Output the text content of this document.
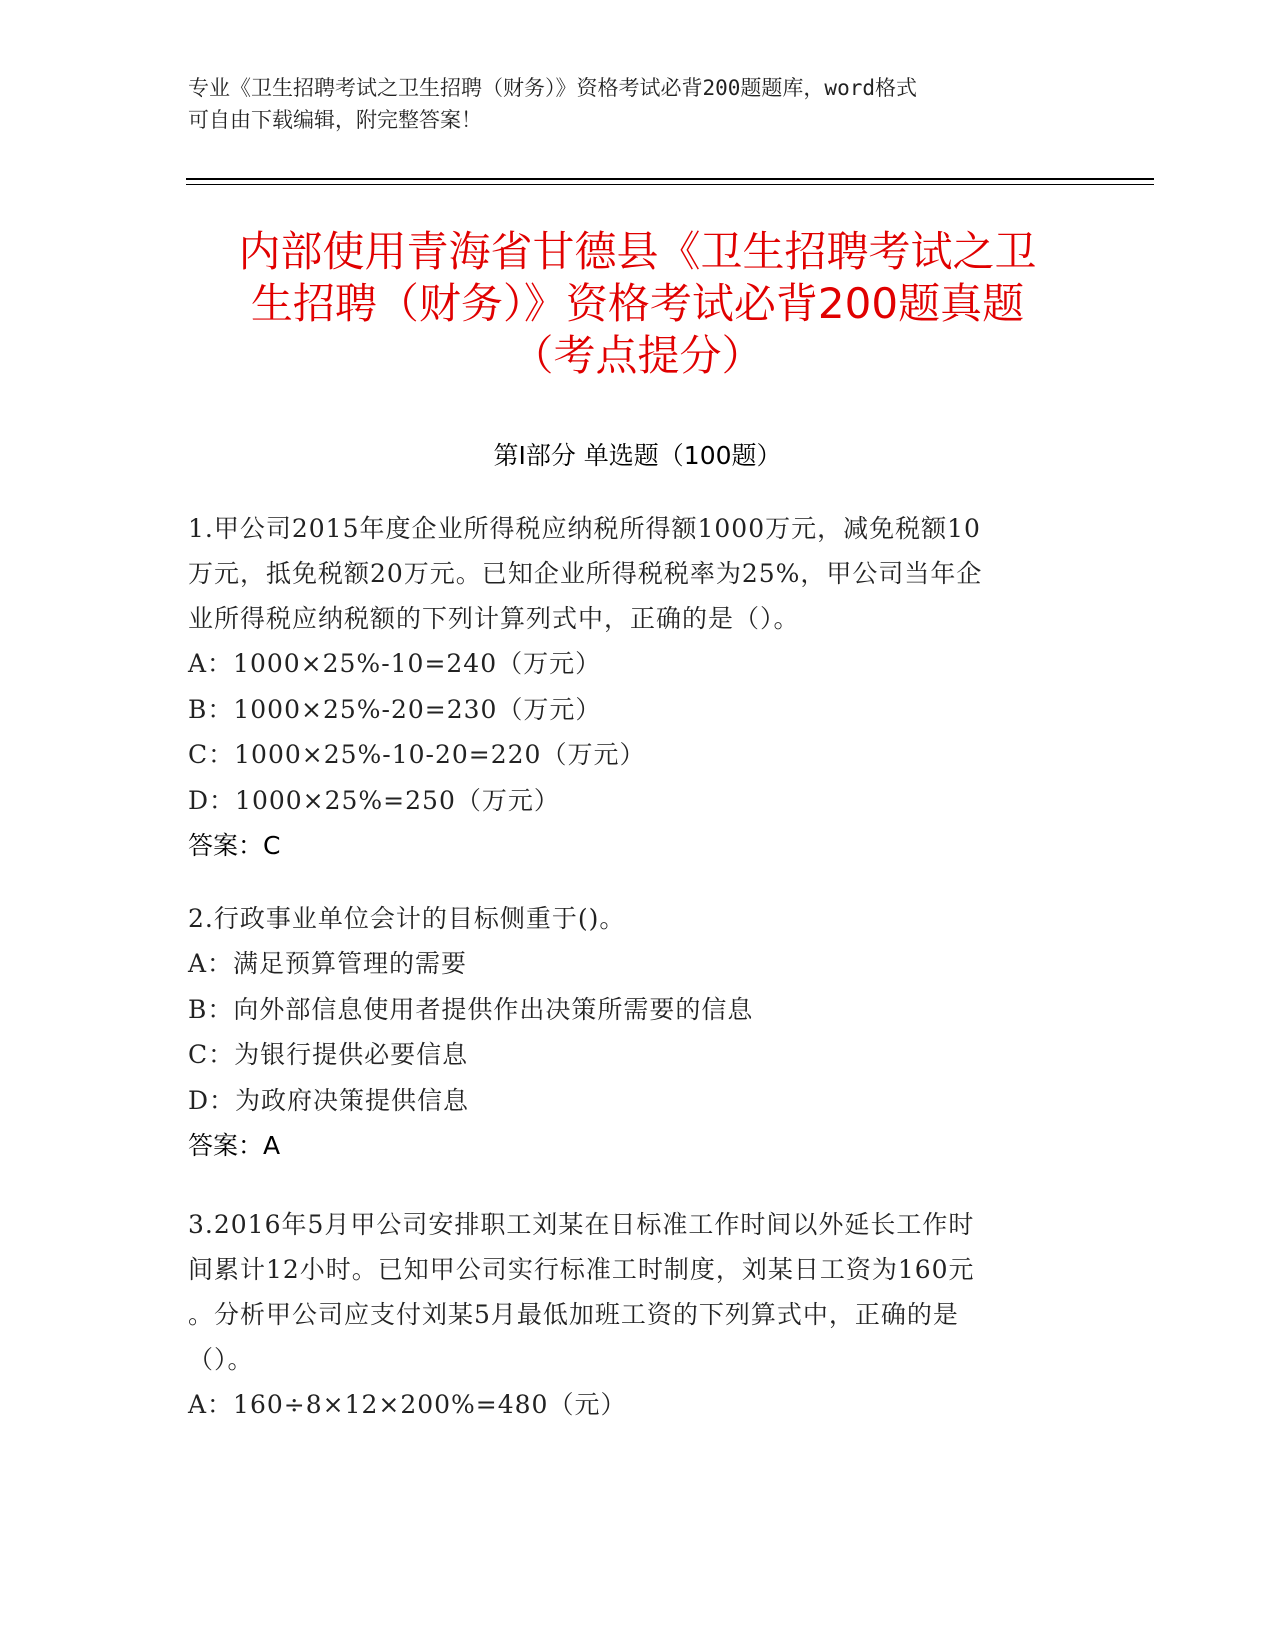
专业《卫生招聘考试之卫生招聘（财务）》资格考试必背200题题库，word格式
可自由下载编辑，附完整答案！
内部使用青海省甘德县《卫生招聘考试之卫
生招聘（财务）》资格考试必背200题真题
（考点提分）
第Ⅰ部分 单选题（100题）
1.甲公司2015年度企业所得税应纳税所得额1000万元，减免税额10
万元，抵免税额20万元。已知企业所得税税率为25%，甲公司当年企
业所得税应纳税额的下列计算列式中，正确的是（）。
A：1000×25%-10=240（万元）
B：1000×25%-20=230（万元）
C：1000×25%-10-20=220（万元）
D：1000×25%=250（万元）
答案：C
2.行政事业单位会计的目标侧重于()。
A：满足预算管理的需要
B：向外部信息使用者提供作出决策所需要的信息
C：为银行提供必要信息
D：为政府决策提供信息
答案：A
3.2016年5月甲公司安排职工刘某在日标准工作时间以外延长工作时
间累计12小时。已知甲公司实行标准工时制度，刘某日工资为160元
。分析甲公司应支付刘某5月最低加班工资的下列算式中，正确的是
（）。
A：160÷8×12×200%=480（元）
